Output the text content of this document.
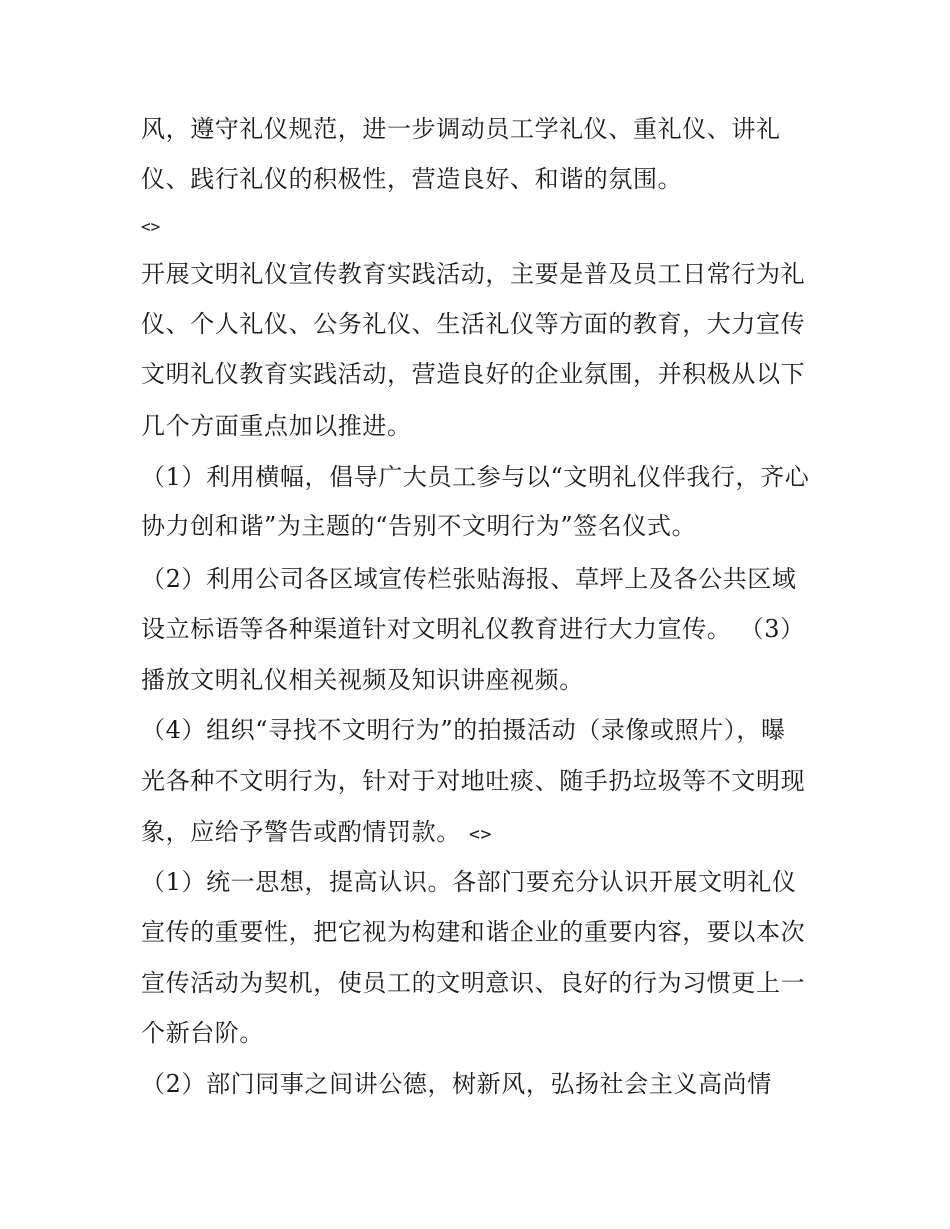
风，遵守礼仪规范，进一步调动员工学礼仪、重礼仪、讲礼
仪、践行礼仪的积极性，营造良好、和谐的氛围。
<>
开展文明礼仪宣传教育实践活动，主要是普及员工日常行为礼
仪、个人礼仪、公务礼仪、生活礼仪等方面的教育，大力宣传
文明礼仪教育实践活动，营造良好的企业氛围，并积极从以下
几个方面重点加以推进。
（1）利用横幅，倡导广大员工参与以“文明礼仪伴我行，齐心
协力创和谐”为主题的“告别不文明行为”签名仪式。
（2）利用公司各区域宣传栏张贴海报、草坪上及各公共区域
设立标语等各种渠道针对文明礼仪教育进行大力宣传。 （3）
播放文明礼仪相关视频及知识讲座视频。
（4）组织“寻找不文明行为”的拍摄活动（录像或照片），曝
光各种不文明行为，针对于对地吐痰、随手扔垃圾等不文明现
象，应给予警告或酌情罚款。 <>
（1）统一思想，提高认识。各部门要充分认识开展文明礼仪
宣传的重要性，把它视为构建和谐企业的重要内容，要以本次
宣传活动为契机，使员工的文明意识、良好的行为习惯更上一
个新台阶。
（2）部门同事之间讲公德，树新风，弘扬社会主义高尚情
